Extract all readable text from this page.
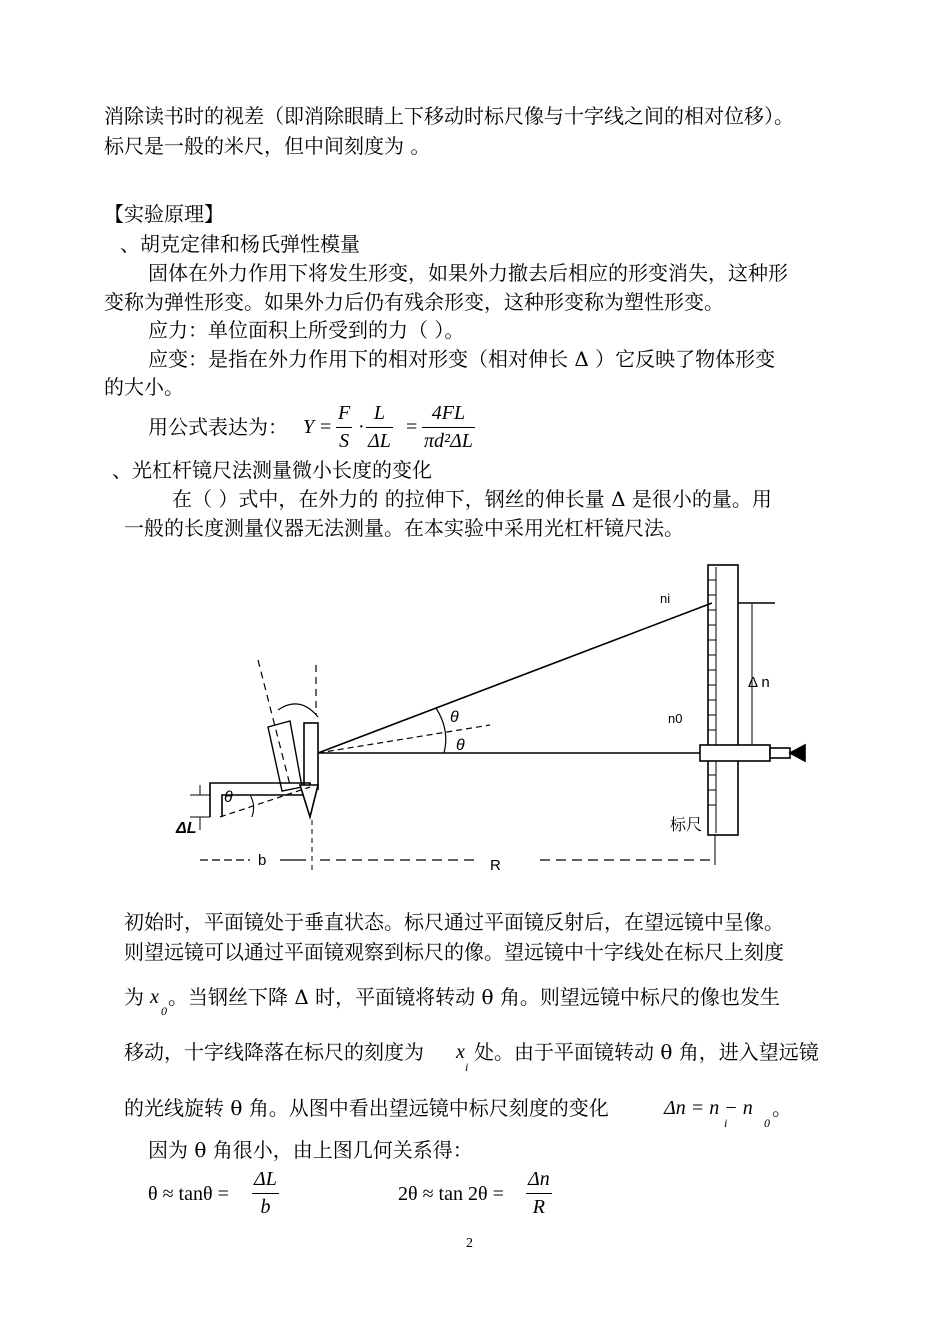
消除读书时的视差（即消除眼睛上下移动时标尺像与十字线之间的相对位移）。
标尺是一般的米尺，但中间刻度为 。
【实验原理】
、胡克定律和杨氏弹性模量
固体在外力作用下将发生形变，如果外力撤去后相应的形变消失，这种形
变称为弹性形变。如果外力后仍有残余形变，这种形变称为塑性形变。
应力：单位面积上所受到的力（ ）。
应变：是指在外力作用下的相对形变（相对伸长 Δ ）它反映了物体形变
的大小。
用公式表达为： Y =
F
S
·
L
ΔL
=
4FL
πd²ΔL
、光杠杆镜尺法测量微小长度的变化
在（ ）式中，在外力的 的拉伸下，钢丝的伸长量 Δ 是很小的量。用
一般的长度测量仪器无法测量。在本实验中采用光杠杆镜尺法。
ni
n0
Δ n
θ
θ
θ
ΔL
b	R
标尺
初始时，平面镜处于垂直状态。标尺通过平面镜反射后，在望远镜中呈像。
则望远镜可以通过平面镜观察到标尺的像。望远镜中十字线处在标尺上刻度
为 x
0
。当钢丝下降 Δ 时，平面镜将转动 θ 角。则望远镜中标尺的像也发生
移动，十字线降落在标尺的刻度为 x
i
处。由于平面镜转动 θ 角，进入望远镜
的光线旋转 θ 角。从图中看出望远镜中标尺刻度的变化	Δn = n − n
i	0
。
因为 θ 角很小，由上图几何关系得：
θ ≈ tanθ =
ΔL
b
2θ ≈ tan 2θ =
Δn
R
2
